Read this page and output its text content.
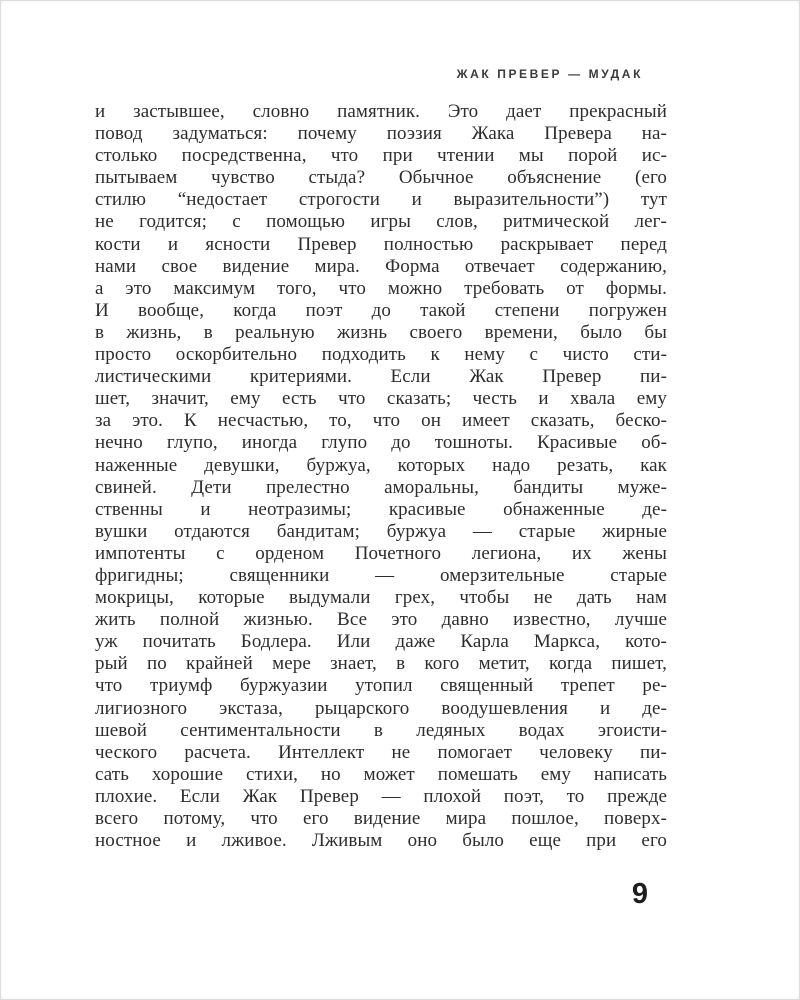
ЖАК ПРЕВЕР — МУДАК
и застывшее, словно памятник. Это дает прекрасный
повод задуматься: почему поэзия Жака Превера на-
столько посредственна, что при чтении мы порой ис-
пытываем чувство стыда? Обычное объяснение (его
стилю “недостает строгости и выразительности”) тут
не годится; с помощью игры слов, ритмической лег-
кости и ясности Превер полностью раскрывает перед
нами свое видение мира. Форма отвечает содержанию,
а это максимум того, что можно требовать от формы.
И вообще, когда поэт до такой степени погружен
в жизнь, в реальную жизнь своего времени, было бы
просто оскорбительно подходить к нему с чисто сти-
листическими критериями. Если Жак Превер пи-
шет, значит, ему есть что сказать; честь и хвала ему
за это. К несчастью, то, что он имеет сказать, беско-
нечно глупо, иногда глупо до тошноты. Красивые об-
наженные девушки, буржуа, которых надо резать, как
свиней. Дети прелестно аморальны, бандиты муже-
ственны и неотразимы; красивые обнаженные де-
вушки отдаются бандитам; буржуа — старые жирные
импотенты с орденом Почетного легиона, их жены
фригидны; священники — омерзительные старые
мокрицы, которые выдумали грех, чтобы не дать нам
жить полной жизнью. Все это давно известно, лучше
уж почитать Бодлера. Или даже Карла Маркса, кото-
рый по крайней мере знает, в кого метит, когда пишет,
что триумф буржуазии утопил священный трепет ре-
лигиозного экстаза, рыцарского воодушевления и де-
шевой сентиментальности в ледяных водах эгоисти-
ческого расчета. Интеллект не помогает человеку пи-
сать хорошие стихи, но может помешать ему написать
плохие. Если Жак Превер — плохой поэт, то прежде
всего потому, что его видение мира пошлое, поверх-
ностное и лживое. Лживым оно было еще при его
9
